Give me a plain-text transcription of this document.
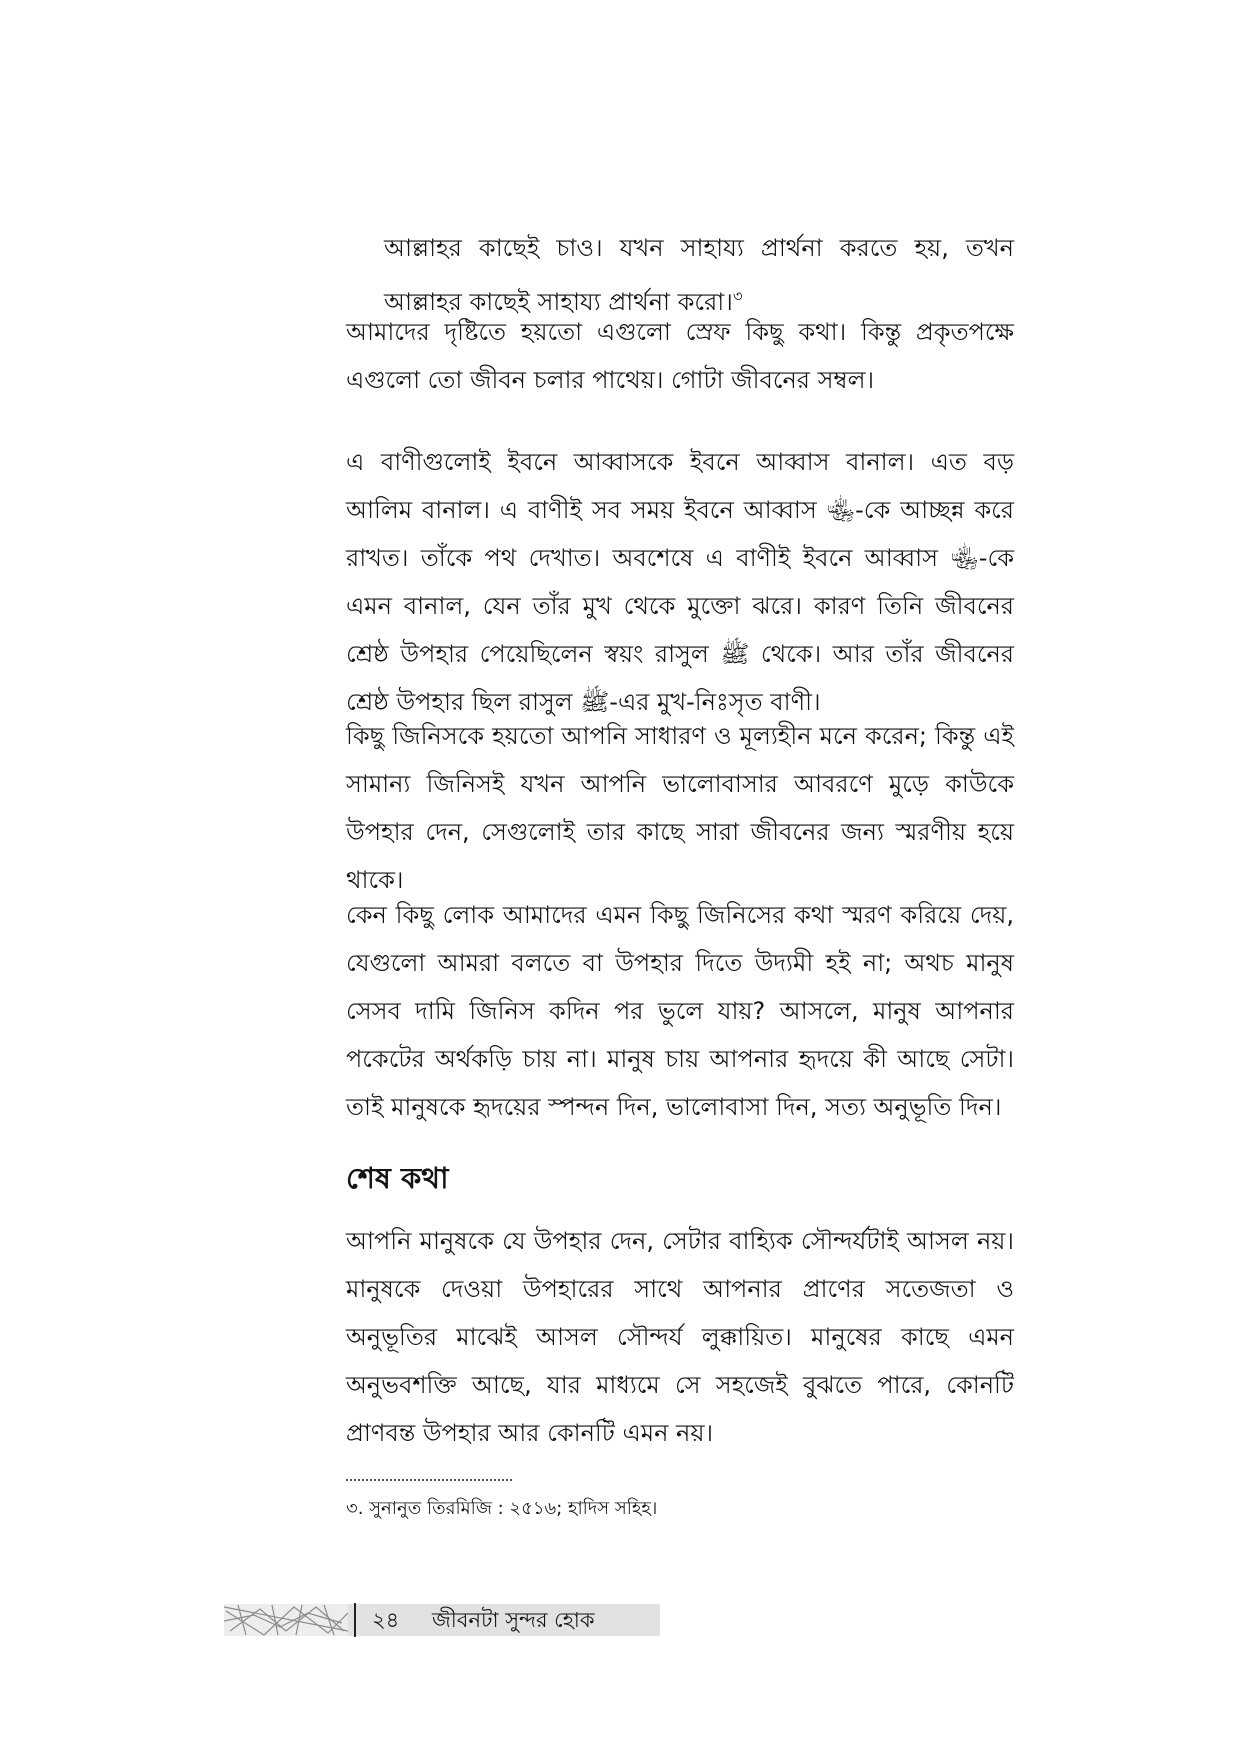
আল্লাহর কাছেই চাও। যখন সাহায্য প্রার্থনা করতে হয়, তখন আল্লাহর কাছেই সাহায্য প্রার্থনা করো।$^৩$
আমাদের দৃষ্টিতে হয়তো এগুলো স্রেফ কিছু কথা। কিন্তু প্রকৃতপক্ষে এগুলো তো জীবন চলার পাথেয়। গোটা জীবনের সম্বল।
এ বাণীগুলোই ইবনে আব্বাসকে ইবনে আব্বাস বানাল। এত বড় আলিম বানাল। এ বাণীই সব সময় ইবনে আব্বাস ﵄-কে আচ্ছন্ন করে রাখত। তাঁকে পথ দেখাত। অবশেষে এ বাণীই ইবনে আব্বাস ﵄-কে এমন বানাল, যেন তাঁর মুখ থেকে মুক্তো ঝরে। কারণ তিনি জীবনের শ্রেষ্ঠ উপহার পেয়েছিলেন স্বয়ং রাসুল ﷺ থেকে। আর তাঁর জীবনের শ্রেষ্ঠ উপহার ছিল রাসুল ﷺ-এর মুখ-নিঃসৃত বাণী।
কিছু জিনিসকে হয়তো আপনি সাধারণ ও মূল্যহীন মনে করেন; কিন্তু এই সামান্য জিনিসই যখন আপনি ভালোবাসার আবরণে মুড়ে কাউকে উপহার দেন, সেগুলোই তার কাছে সারা জীবনের জন্য স্মরণীয় হয়ে থাকে।
কেন কিছু লোক আমাদের এমন কিছু জিনিসের কথা স্মরণ করিয়ে দেয়, যেগুলো আমরা বলতে বা উপহার দিতে উদ্যমী হই না; অথচ মানুষ সেসব দামি জিনিস কদিন পর ভুলে যায়? আসলে, মানুষ আপনার পকেটের অর্থকড়ি চায় না। মানুষ চায় আপনার হৃদয়ে কী আছে সেটা। তাই মানুষকে হৃদয়ের স্পন্দন দিন, ভালোবাসা দিন, সত্য অনুভূতি দিন।
শেষ কথা
আপনি মানুষকে যে উপহার দেন, সেটার বাহ্যিক সৌন্দর্যটাই আসল নয়। মানুষকে দেওয়া উপহারের সাথে আপনার প্রাণের সতেজতা ও অনুভূতির মাঝেই আসল সৌন্দর্য লুক্কায়িত। মানুষের কাছে এমন অনুভবশক্তি আছে, যার মাধ্যমে সে সহজেই বুঝতে পারে, কোনটি প্রাণবন্ত উপহার আর কোনটি এমন নয়।
৩. সুনানুত তিরমিজি : ২৫১৬; হাদিস সহিহ।
২৪ জীবনটা সুন্দর হোক
